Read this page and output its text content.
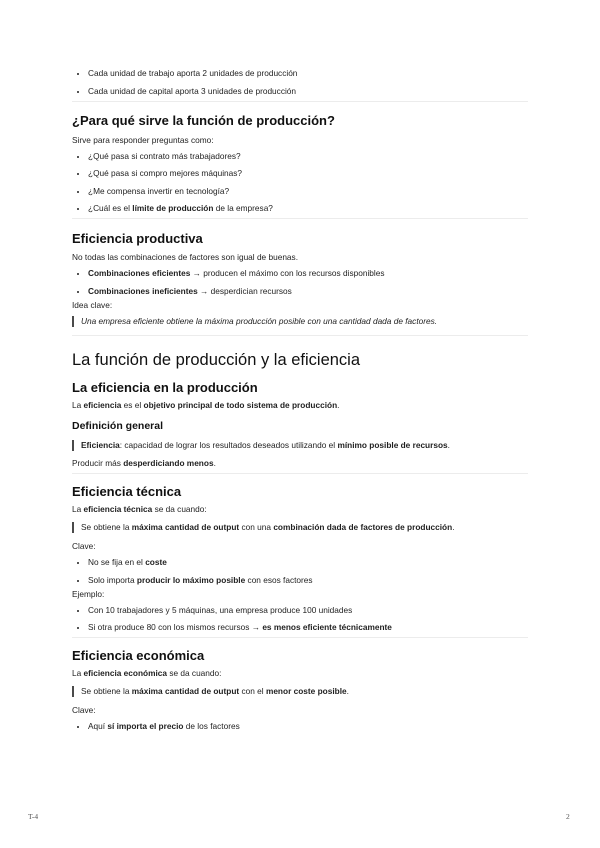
• Cada unidad de trabajo aporta 2 unidades de producción
• Cada unidad de capital aporta 3 unidades de producción
¿Para qué sirve la función de producción?

Sirve para responder preguntas como:

• ¿Qué pasa si contrato más trabajadores?
• ¿Qué pasa si compro mejores máquinas?
• ¿Me compensa invertir en tecnología?
• ¿Cuál es el límite de producción de la empresa?
Eficiencia productiva

No todas las combinaciones de factores son igual de buenas.

• Combinaciones eficientes → producen el máximo con los recursos disponibles
• Combinaciones ineficientes → desperdician recursos

Idea clave:

Una empresa eficiente obtiene la máxima producción posible con una cantidad dada de factores.
La función de producción y la eficiencia
La eficiencia en la producción

La eficiencia es el objetivo principal de todo sistema de producción.

Definición general
Eficiencia: capacidad de lograr los resultados deseados utilizando el mínimo posible de recursos.

Producir más desperdiciando menos.

Eficiencia técnica

La eficiencia técnica se da cuando:

Se obtiene la máxima cantidad de output con una combinación dada de factores de producción.

Clave:

• No se fija en el coste
• Solo importa producir lo máximo posible con esos factores

Ejemplo:

• Con 10 trabajadores y 5 máquinas, una empresa produce 100 unidades
• Si otra produce 80 con los mismos recursos → es menos eficiente técnicamente
Eficiencia económica

La eficiencia económica se da cuando:

Se obtiene la máxima cantidad de output con el menor coste posible.

Clave:

• Aquí sí importa el precio de los factores
T-4	2
